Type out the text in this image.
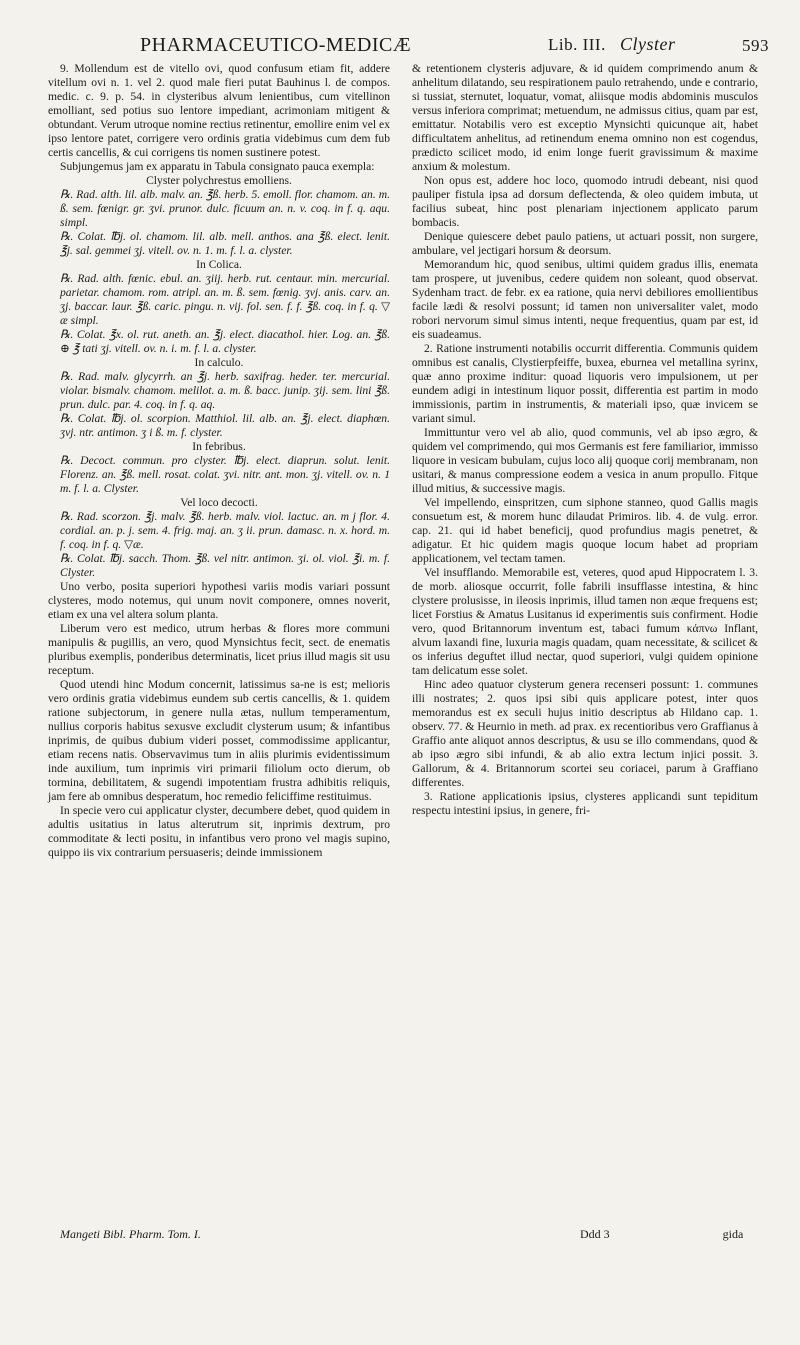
PHARMACEUTICO-MEDICÆ	Lib. III. Clyster	593

9. Mollendum est de vitello ovi, quod confusum etiam fit, addere vitellum ovi n. 1. vel 2. quod male fieri putat Bauhinus l. de compos. medic. c. 9. p. 54. in clysteribus alvum lenientibus, cum vitellinon emolliant, sed potius suo lentore impediant, acrimoniam mitigent & obtundant. Verum utroque nomine rectius retinentur, emollire enim vel ex ipso lentore patet, corrigere vero ordinis gratia videbimus cum dem fub certis cancellis, & cui corrigens tis nomen sustinere potest.

Subjungemus jam ex apparatu in Tabula consignato pauca exempla:

Clyster polychrestus emolliens.

℞. Rad. alth. lil. alb. malv. an. ℥ß. herb. 5. emoll. flor. chamom. an. m. ß. sem. fœnigr. gr. ʒvi. prunor. dulc. ficuum an. n. v. coq. in f. q. aqu. simpl.

℞. Colat. ℔j. ol. chamom. lil. alb. mell. anthos. ana ℥ß. elect. lenit. ℥j. sal. gemmei ʒj. vitell. ov. n. 1. m. f. l. a. clyster.

In Colica.

℞. Rad. alth. fœnic. ebul. an. ʒiij. herb. rut. centaur. min. mercurial. parietar. chamom. rom. atripl. an. m. ß. sem. fœnig. ʒvj. anis. carv. an. ʒj. baccar. laur. ℥ß. caric. pingu. n. vij. fol. sen. f. f. ℥ß. coq. in f. q. ▽ æ simpl.

℞. Colat. ℥x. ol. rut. aneth. an. ℥j. elect. diacathol. hier. Log. an. ℥ß. ⊕ ℥ tati ʒj. vitell. ov. n. i. m. f. l. a. clyster.

In calculo.

℞. Rad. malv. glycyrrh. an ℥j. herb. saxifrag. heder. ter. mercurial. violar. bismalv. chamom. melilot. a. m. ß. bacc. junip. ʒij. sem. lini ℥ß. prun. dulc. par. 4. coq. in f. q. aq.

℞. Colat. ℔j. ol. scorpion. Matthiol. lil. alb. an. ℥j. elect. diaphœn. ʒvj. ntr. antimon. ʒ i ß. m. f. clyster.

In febribus.

℞. Decoct. commun. pro clyster. ℔j. elect. diaprun. solut. lenit. Florenz. an. ℥ß. mell. rosat. colat. ʒvi. nitr. ant. mon. ʒj. vitell. ov. n. 1 m. f. l. a. Clyster.

Vel loco decocti.

℞. Rad. scorzon. ℥j. malv. ℥ß. herb. malv. viol. lactuc. an. m j flor. 4. cordial. an. p. j. sem. 4. frig. maj. an. ʒ ii. prun. damasc. n. x. hord. m. f. coq. in f. q. ▽æ.

℞. Colat. ℔j. sacch. Thom. ℥ß. vel nitr. antimon. ʒi. ol. viol. ℥i. m. f. Clyster.

Uno verbo, posita superiori hypothesi variis modis variari possunt clysteres, modo notemus, qui unum novit componere, omnes noverit, etiam ex una vel altera solum planta.

Liberum vero est medico, utrum herbas & flores more communi manipulis & pugillis, an vero, quod Mynsichtus fecit, sect. de enematis pluribus exemplis, ponderibus determinatis, licet prius illud magis sit usu receptum.

Quod utendi hinc Modum concernit, latissimus sa-ne is est; melioris vero ordinis gratia videbimus eundem sub certis cancellis, & 1. quidem ratione subjectorum, in genere nulla ætas, nullum temperamentum, nullius corporis habitus sexusve excludit clysterum usum; & infantibus inprimis, de quibus dubium videri posset, commodissime applicantur, etiam recens natis. Observavimus tum in aliis plurimis evidentissimum inde auxilium, tum inprimis viri primarii filiolum octo dierum, ob tormina, debilitatem, & sugendi impotentiam frustra adhibitis reliquis, jam fere ab omnibus desperatum, hoc remedio feliciffime restituimus.

In specie vero cui applicatur clyster, decumbere debet, quod quidem in adultis usitatius in latus alterutrum sit, inprimis dextrum, pro commoditate & lecti positu, in infantibus vero prono vel magis supino, quippo iis vix contrarium persuaseris; deinde immissionem

& retentionem clysteris adjuvare, & id quidem comprimendo anum & anhelitum dilatando, seu respirationem paulo retrahendo, unde e contrario, si tussiat, sternutet, loquatur, vomat, aliisque modis abdominis musculos versus inferiora comprimat; metuendum, ne admissus citius, quam par est, emittatur. Notabilis vero est exceptio Mynsichti quicunque ait, habet difficultatem anhelitus, ad retinendum enema omnino non est cogendus, prædicto scilicet modo, id enim longe fuerit gravissimum & maxime anxium & molestum.

Non opus est, addere hoc loco, quomodo intrudi debeant, nisi quod pauliper fistula ipsa ad dorsum deflectenda, & oleo quidem imbuta, ut facilius subeat, hinc post plenariam injectionem applicato parum bombacis.

Denique quiescere debet paulo patiens, ut actuari possit, non surgere, ambulare, vel jectigari horsum & deorsum.

Memorandum hic, quod senibus, ultimi quidem gradus illis, enemata tam prospere, ut juvenibus, cedere quidem non soleant, quod observat. Sydenham tract. de febr. ex ea ratione, quia nervi debiliores emollientibus facile lædi & resolvi possunt; id tamen non universaliter valet, modo robori nervorum simul simus intenti, neque frequentius, quam par est, id eis suadeamus.

2. Ratione instrumenti notabilis occurrit differentia. Communis quidem omnibus est canalis, Clystierpfeiffe, buxea, eburnea vel metallina syrinx, quæ anno proxime inditur: quoad liquoris vero impulsionem, ut per eundem adigi in intestinum liquor possit, differentia est partim in modo immissionis, partim in instrumentis, & materiali ipso, quæ invicem se variant simul.

Immittuntur vero vel ab alio, quod communis, vel ab ipso ægro, & quidem vel comprimendo, qui mos Germanis est fere familiarior, immisso liquore in vesicam bubulam, cujus loco alij quoque corij membranam, non usitari, & manus compressione eodem a vesica in anum propullo. Fitque illud mitius, & successive magis.

Vel impellendo, einspritzen, cum siphone stanneo, quod Gallis magis consuetum est, & morem hunc dilaudat Primiros. lib. 4. de vulg. error. cap. 21. qui id habet beneficij, quod profundius magis penetret, & adigatur. Et hic quidem magis quoque locum habet ad propriam applicationem, vel tectam tamen.

Vel insufflando. Memorabile est, veteres, quod apud Hippocratem l. 3. de morb. aliosque occurrit, folle fabrili insufflasse intestina, & hinc clystere prolusisse, in ileosis inprimis, illud tamen non æque frequens est; licet Forstius & Amatus Lusitanus id experimentis suis confirment. Hodie vero, quod Britannorum inventum est, tabaci fumum κάπνω Inflant, alvum laxandi fine, luxuria magis quadam, quam necessitate, & scilicet & os inferius deguftet illud nectar, quod superiori, vulgi quidem opinione tam delicatum esse solet.

Hinc adeo quatuor clysterum genera recenseri possunt: 1. communes illi nostrates; 2. quos ipsi sibi quis applicare potest, inter quos memorandus est ex seculi hujus initio descriptus ab Hildano cap. 1. observ. 77. & Heurnio in meth. ad prax. ex recentioribus vero Graffianus à Graffio ante aliquot annos descriptus, & usu se illo commendans, quod & ab ipso ægro sibi infundi, & ab alio extra lectum injici possit. 3. Gallorum, & 4. Britannorum scortei seu coriacei, parum à Graffiano differentes.

3. Ratione applicationis ipsius, clysteres applicandi sunt tepiditum respectu intestini ipsius, in genere, fri-

Mangeti Bibl. Pharm. Tom. I.	Ddd 3	gida
